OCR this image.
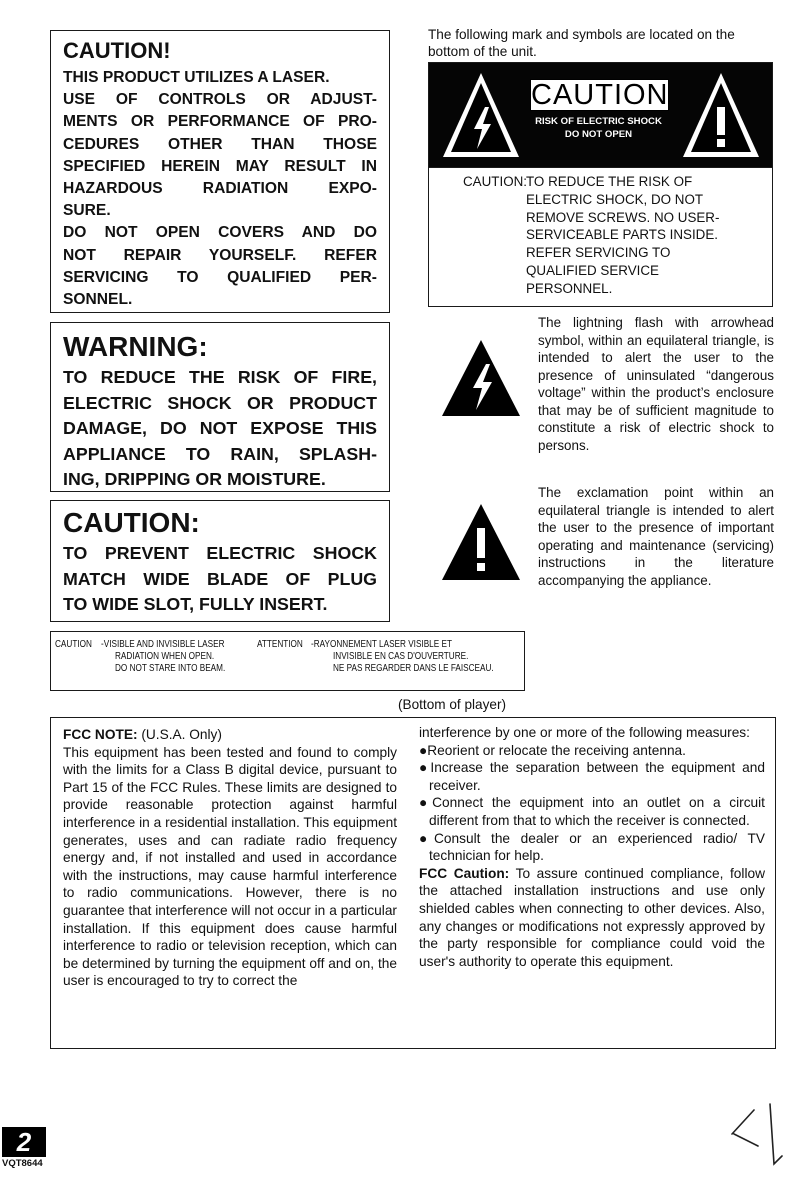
CAUTION!
THIS PRODUCT UTILIZES A LASER.
USE OF CONTROLS OR ADJUST-
MENTS OR PERFORMANCE OF PRO-
CEDURES OTHER THAN THOSE
SPECIFIED HEREIN MAY RESULT IN
HAZARDOUS RADIATION EXPO-
SURE.
DO NOT OPEN COVERS AND DO
NOT REPAIR YOURSELF. REFER
SERVICING TO QUALIFIED PER-
SONNEL.
WARNING:
TO REDUCE THE RISK OF FIRE,
ELECTRIC SHOCK OR PRODUCT
DAMAGE, DO NOT EXPOSE THIS
APPLIANCE TO RAIN, SPLASH-
ING, DRIPPING OR MOISTURE.
CAUTION:
TO PREVENT ELECTRIC SHOCK
MATCH WIDE BLADE OF PLUG
TO WIDE SLOT, FULLY INSERT.
The following mark and symbols are located on the bottom of the unit.
CAUTION
RISK OF ELECTRIC SHOCK
DO NOT OPEN
CAUTION: TO REDUCE THE RISK OF
ELECTRIC SHOCK, DO NOT
REMOVE SCREWS. NO USER-
SERVICEABLE PARTS INSIDE.
REFER SERVICING TO
QUALIFIED SERVICE
PERSONNEL.
The lightning flash with arrowhead symbol, within an equilateral triangle, is intended to alert the user to the presence of uninsulated “dangerous voltage” within the product’s enclosure that may be of sufficient magnitude to constitute a risk of electric shock to persons.
The exclamation point within an equilateral triangle is intended to alert the user to the presence of important operating and maintenance (servicing) instructions in the literature accompanying the appliance.
CAUTION -VISIBLE AND INVISIBLE LASER
RADIATION WHEN OPEN.
DO NOT STARE INTO BEAM.
ATTENTION -RAYONNEMENT LASER VISIBLE ET
INVISIBLE EN CAS D'OUVERTURE.
NE PAS REGARDER DANS LE FAISCEAU.
(Bottom of player)
FCC NOTE: (U.S.A. Only)
This equipment has been tested and found to comply with the limits for a Class B digital device, pursuant to Part 15 of the FCC Rules. These limits are designed to provide reasonable protection against harmful interference in a residential installation. This equipment generates, uses and can radiate radio frequency energy and, if not installed and used in accordance with the instructions, may cause harmful interference to radio communications. However, there is no guarantee that interference will not occur in a particular installation. If this equipment does cause harmful interference to radio or television reception, which can be determined by turning the equipment off and on, the user is encouraged to try to correct the
interference by one or more of the following measures:
●Reorient or relocate the receiving antenna.
●Increase the separation between the equipment and receiver.
●Connect the equipment into an outlet on a circuit different from that to which the receiver is connected.
●Consult the dealer or an experienced radio/ TV technician for help.
FCC Caution: To assure continued compliance, follow the attached installation instructions and use only shielded cables when connecting to other devices. Also, any changes or modifications not expressly approved by the party responsible for compliance could void the user's authority to operate this equipment.
2
VQT8644
